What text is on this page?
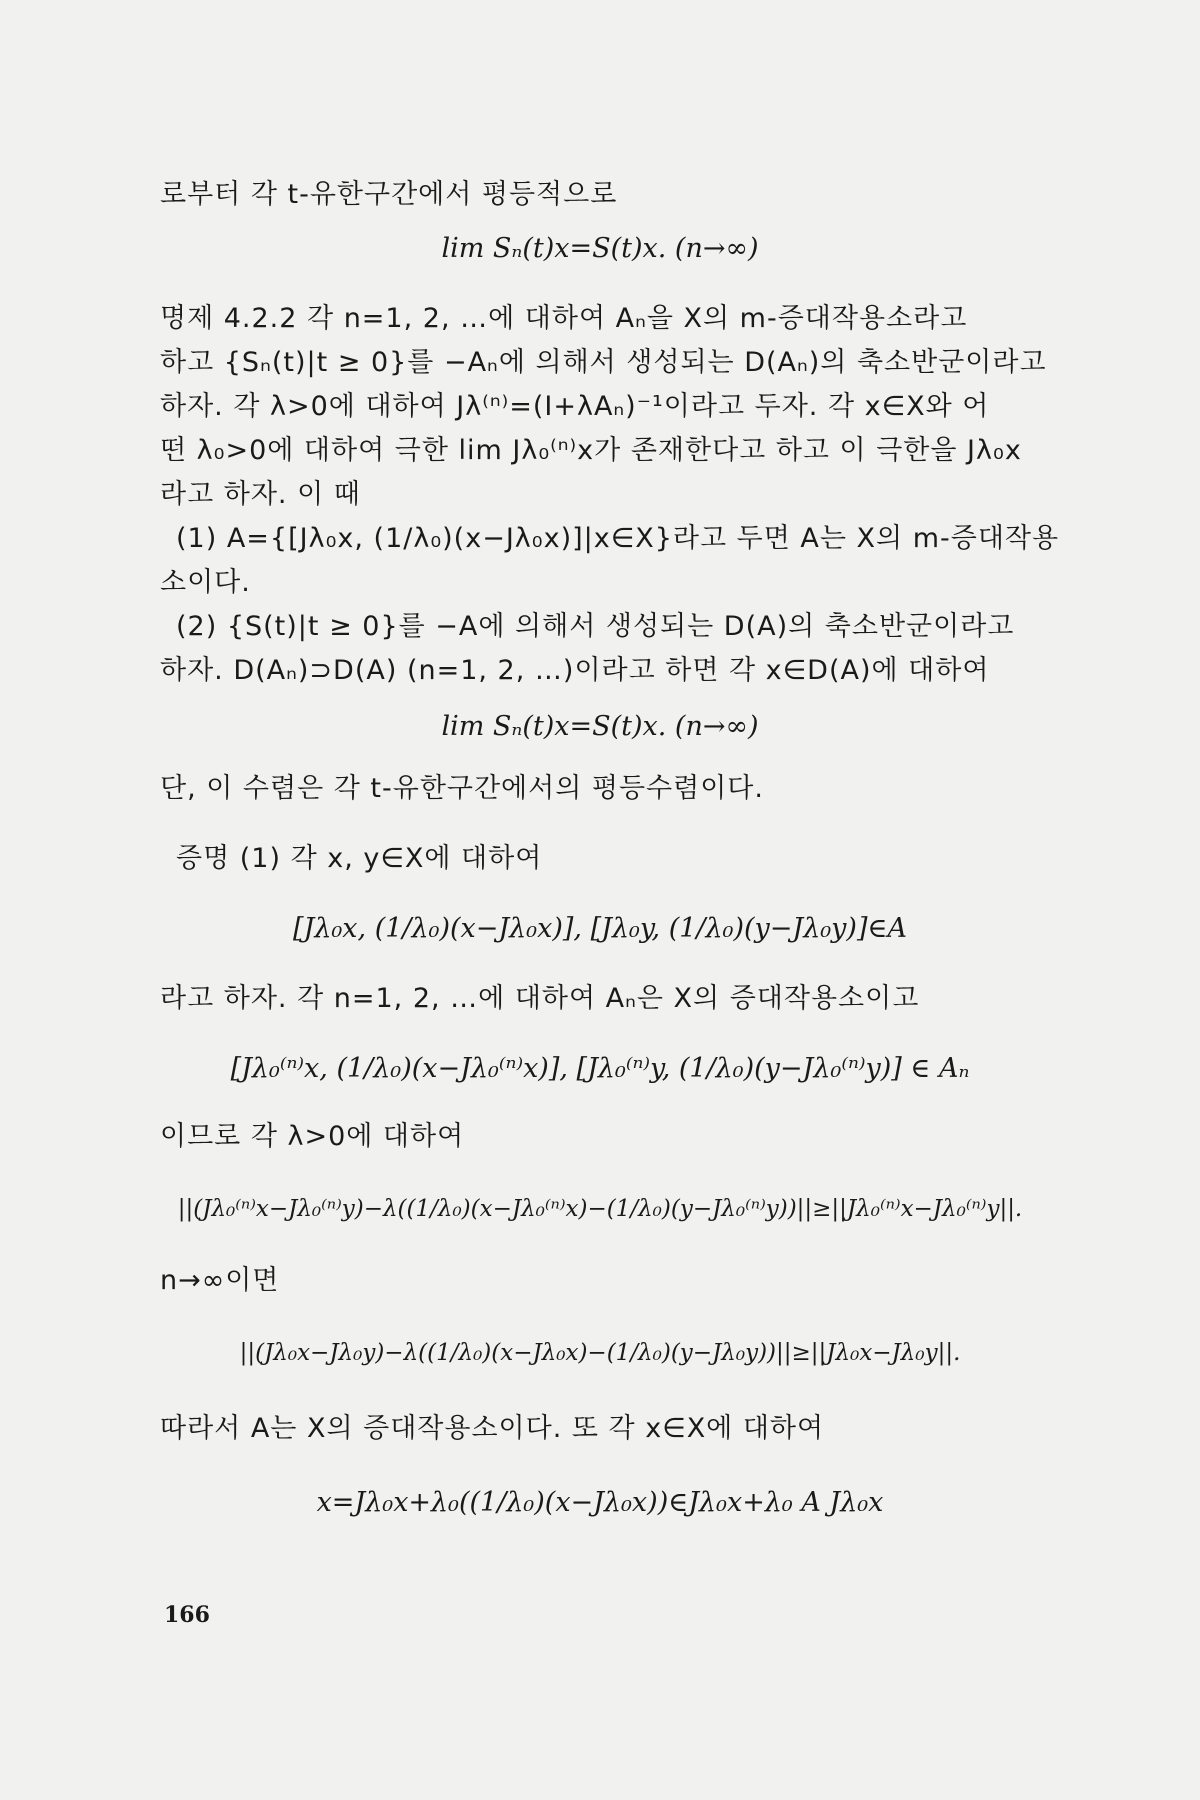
로부터 각 t-유한구간에서 평등적으로
lim Sₙ(t)x=S(t)x. (n→∞)
명제 4.2.2 각 n=1, 2, …에 대하여 Aₙ을 X의 m-증대작용소라고
하고 {Sₙ(t)|t ≥ 0}를 −Aₙ에 의해서 생성되는 D(Aₙ)의 축소반군이라고
하자. 각 λ>0에 대하여 Jλ⁽ⁿ⁾=(I+λAₙ)⁻¹이라고 두자. 각 x∈X와 어
떤 λ₀>0에 대하여 극한 lim Jλ₀⁽ⁿ⁾x가 존재한다고 하고 이 극한을 Jλ₀x
라고 하자. 이 때
(1) A={[Jλ₀x, (1/λ₀)(x−Jλ₀x)]|x∈X}라고 두면 A는 X의 m-증대작용
소이다.
(2) {S(t)|t ≥ 0}를 −A에 의해서 생성되는 D(A)의 축소반군이라고
하자. D(Aₙ)⊃D(A) (n=1, 2, …)이라고 하면 각 x∈D(A)에 대하여
lim Sₙ(t)x=S(t)x. (n→∞)
단, 이 수렴은 각 t-유한구간에서의 평등수렴이다.
증명 (1) 각 x, y∈X에 대하여
[Jλ₀x, (1/λ₀)(x−Jλ₀x)], [Jλ₀y, (1/λ₀)(y−Jλ₀y)]∈A
라고 하자. 각 n=1, 2, …에 대하여 Aₙ은 X의 증대작용소이고
[Jλ₀⁽ⁿ⁾x, (1/λ₀)(x−Jλ₀⁽ⁿ⁾x)], [Jλ₀⁽ⁿ⁾y, (1/λ₀)(y−Jλ₀⁽ⁿ⁾y)] ∈ Aₙ
이므로 각 λ>0에 대하여
||(Jλ₀⁽ⁿ⁾x−Jλ₀⁽ⁿ⁾y)−λ((1/λ₀)(x−Jλ₀⁽ⁿ⁾x)−(1/λ₀)(y−Jλ₀⁽ⁿ⁾y))||≥||Jλ₀⁽ⁿ⁾x−Jλ₀⁽ⁿ⁾y||.
n→∞이면
||(Jλ₀x−Jλ₀y)−λ((1/λ₀)(x−Jλ₀x)−(1/λ₀)(y−Jλ₀y))||≥||Jλ₀x−Jλ₀y||.
따라서 A는 X의 증대작용소이다. 또 각 x∈X에 대하여
x=Jλ₀x+λ₀((1/λ₀)(x−Jλ₀x))∈Jλ₀x+λ₀ A Jλ₀x
166
